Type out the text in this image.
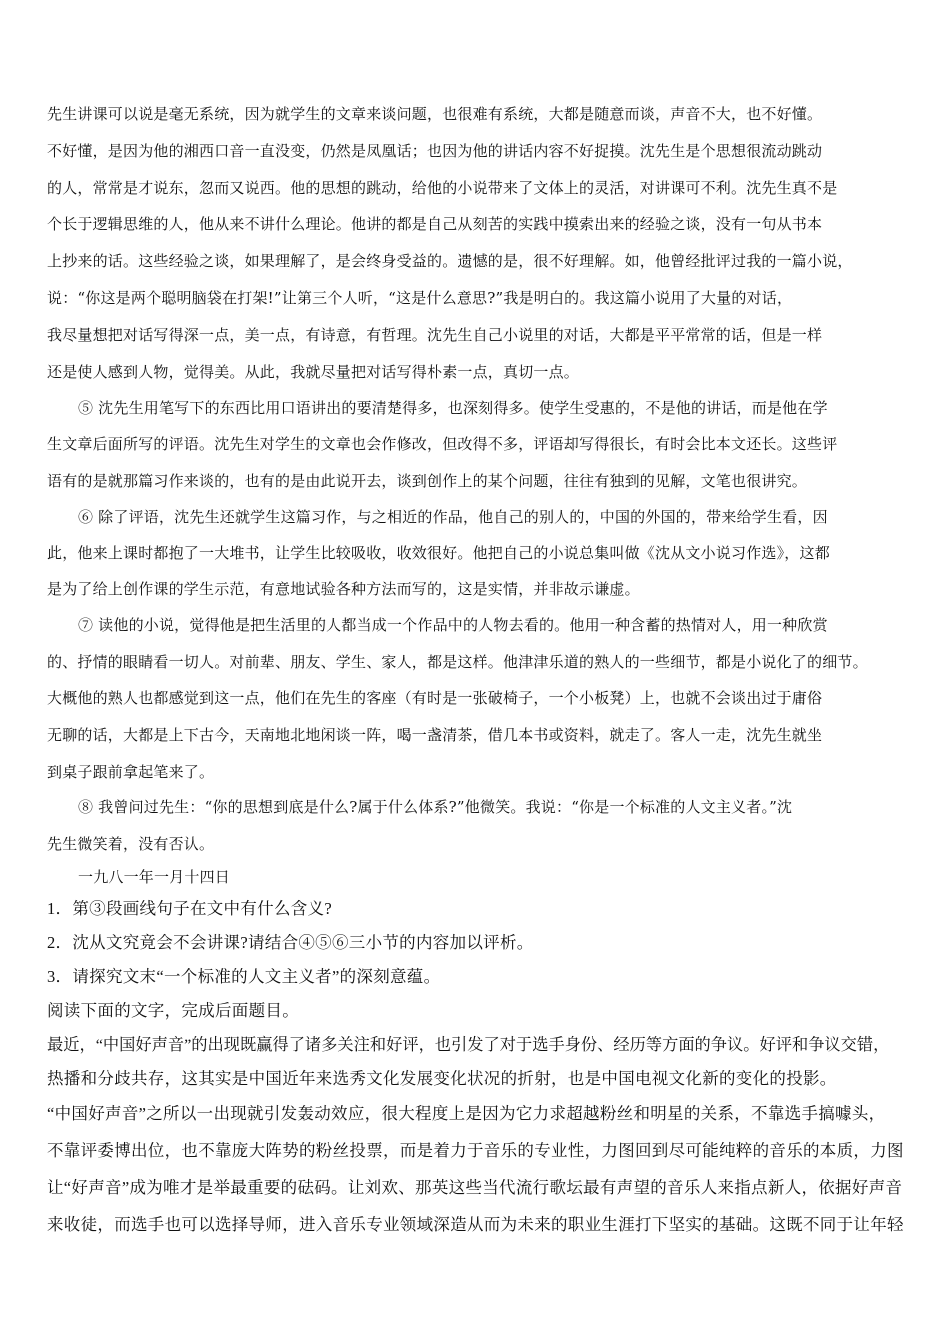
先生讲课可以说是毫无系统，因为就学生的文章来谈问题，也很难有系统，大都是随意而谈，声音不大，也不好懂。
不好懂，是因为他的湘西口音一直没变，仍然是凤凰话；也因为他的讲话内容不好捉摸。沈先生是个思想很流动跳动
的人，常常是才说东，忽而又说西。他的思想的跳动，给他的小说带来了文体上的灵活，对讲课可不利。沈先生真不是
个长于逻辑思维的人，他从来不讲什么理论。他讲的都是自己从刻苦的实践中摸索出来的经验之谈，没有一句从书本
上抄来的话。这些经验之谈，如果理解了，是会终身受益的。遗憾的是，很不好理解。如，他曾经批评过我的一篇小说，
说：“你这是两个聪明脑袋在打架!”让第三个人听，“这是什么意思?”我是明白的。我这篇小说用了大量的对话，
我尽量想把对话写得深一点，美一点，有诗意，有哲理。沈先生自己小说里的对话，大都是平平常常的话，但是一样
还是使人感到人物，觉得美。从此，我就尽量把对话写得朴素一点，真切一点。
⑤ 沈先生用笔写下的东西比用口语讲出的要清楚得多，也深刻得多。使学生受惠的，不是他的讲话，而是他在学
生文章后面所写的评语。沈先生对学生的文章也会作修改，但改得不多，评语却写得很长，有时会比本文还长。这些评
语有的是就那篇习作来谈的，也有的是由此说开去，谈到创作上的某个问题，往往有独到的见解，文笔也很讲究。
⑥ 除了评语，沈先生还就学生这篇习作，与之相近的作品，他自己的别人的，中国的外国的，带来给学生看，因
此，他来上课时都抱了一大堆书，让学生比较吸收，收效很好。他把自己的小说总集叫做《沈从文小说习作选》，这都
是为了给上创作课的学生示范，有意地试验各种方法而写的，这是实情，并非故示谦虚。
⑦ 读他的小说，觉得他是把生活里的人都当成一个作品中的人物去看的。他用一种含蓄的热情对人，用一种欣赏
的、抒情的眼睛看一切人。对前辈、朋友、学生、家人，都是这样。他津津乐道的熟人的一些细节，都是小说化了的细节。
大概他的熟人也都感觉到这一点，他们在先生的客座（有时是一张破椅子，一个小板凳）上，也就不会谈出过于庸俗
无聊的话，大都是上下古今，天南地北地闲谈一阵，喝一盏清茶，借几本书或资料，就走了。客人一走，沈先生就坐
到桌子跟前拿起笔来了。
⑧ 我曾问过先生：“你的思想到底是什么?属于什么体系?”他微笑。我说：“你是一个标准的人文主义者。”沈
先生微笑着，没有否认。
一九八一年一月十四日
1．第③段画线句子在文中有什么含义?
2．沈从文究竟会不会讲课?请结合④⑤⑥三小节的内容加以评析。
3．请探究文末“一个标准的人文主义者”的深刻意蕴。
阅读下面的文字，完成后面题目。
最近，“中国好声音”的出现既赢得了诸多关注和好评，也引发了对于选手身份、经历等方面的争议。好评和争议交错，
热播和分歧共存，这其实是中国近年来选秀文化发展变化状况的折射，也是中国电视文化新的变化的投影。
“中国好声音”之所以一出现就引发轰动效应，很大程度上是因为它力求超越粉丝和明星的关系，不靠选手搞噱头，
不靠评委博出位，也不靠庞大阵势的粉丝投票，而是着力于音乐的专业性，力图回到尽可能纯粹的音乐的本质，力图
让“好声音”成为唯才是举最重要的砝码。让刘欢、那英这些当代流行歌坛最有声望的音乐人来指点新人，依据好声音
来收徒，而选手也可以选择导师，进入音乐专业领域深造从而为未来的职业生涯打下坚实的基础。这既不同于让年轻
